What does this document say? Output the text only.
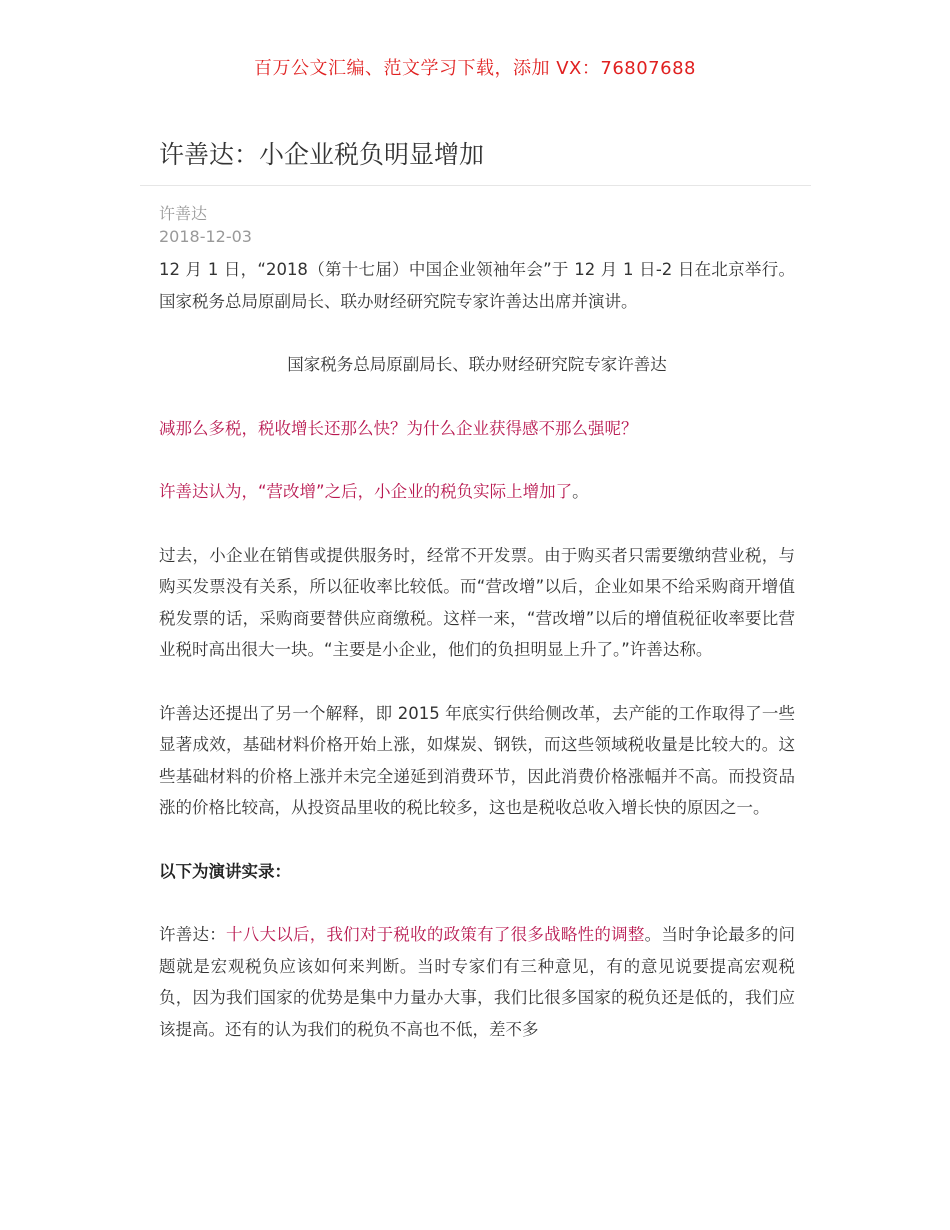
百万公文汇编、范文学习下载，添加 VX：76807688
许善达：小企业税负明显增加
许善达
2018-12-03

12 月 1 日，“2018（第十七届）中国企业领袖年会”于 12 月 1 日-2 日在北京举行。国家税务总局原副局长、联办财经研究院专家许善达出席并演讲。

国家税务总局原副局长、联办财经研究院专家许善达

减那么多税，税收增长还那么快？为什么企业获得感不那么强呢？

许善达认为，“营改增”之后，小企业的税负实际上增加了。

过去，小企业在销售或提供服务时，经常不开发票。由于购买者只需要缴纳营业税，与购买发票没有关系，所以征收率比较低。而“营改增”以后，企业如果不给采购商开增值税发票的话，采购商要替供应商缴税。这样一来，“营改增”以后的增值税征收率要比营业税时高出很大一块。“主要是小企业，他们的负担明显上升了。”许善达称。

许善达还提出了另一个解释，即 2015 年底实行供给侧改革，去产能的工作取得了一些显著成效，基础材料价格开始上涨，如煤炭、钢铁，而这些领域税收量是比较大的。这些基础材料的价格上涨并未完全递延到消费环节，因此消费价格涨幅并不高。而投资品涨的价格比较高，从投资品里收的税比较多，这也是税收总收入增长快的原因之一。

以下为演讲实录：

许善达：十八大以后，我们对于税收的政策有了很多战略性的调整。当时争论最多的问题就是宏观税负应该如何来判断。当时专家们有三种意见，有的意见说要提高宏观税负，因为我们国家的优势是集中力量办大事，我们比很多国家的税负还是低的，我们应该提高。还有的认为我们的税负不高也不低，差不多
